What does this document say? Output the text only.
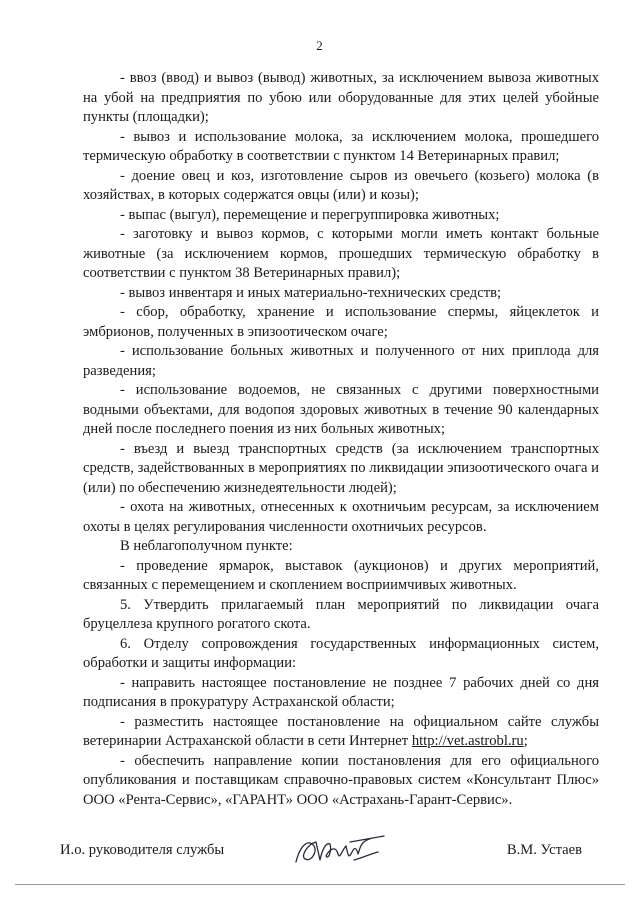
2

- ввоз (ввод) и вывоз (вывод) животных, за исключением вывоза животных на убой на предприятия по убою или оборудованные для этих целей убойные пункты (площадки);

- вывоз и использование молока, за исключением молока, прошедшего термическую обработку в соответствии с пунктом 14 Ветеринарных правил;

- доение овец и коз, изготовление сыров из овечьего (козьего) молока (в хозяйствах, в которых содержатся овцы (или) и козы);

- выпас (выгул), перемещение и перегруппировка животных;

- заготовку и вывоз кормов, с которыми могли иметь контакт больные животные (за исключением кормов, прошедших термическую обработку в соответствии с пунктом 38 Ветеринарных правил);

- вывоз инвентаря и иных материально-технических средств;

- сбор, обработку, хранение и использование спермы, яйцеклеток и эмбрионов, полученных в эпизоотическом очаге;

- использование больных животных и полученного от них приплода для разведения;

- использование водоемов, не связанных с другими поверхностными водными объектами, для водопоя здоровых животных в течение 90 календарных дней после последнего поения из них больных животных;

- въезд и выезд транспортных средств (за исключением транспортных средств, задействованных в мероприятиях по ликвидации эпизоотического очага и (или) по обеспечению жизнедеятельности людей);

- охота на животных, отнесенных к охотничьим ресурсам, за исключением охоты в целях регулирования численности охотничьих ресурсов.

В неблагополучном пункте:

- проведение ярмарок, выставок (аукционов) и других мероприятий, связанных с перемещением и скоплением восприимчивых животных.

5. Утвердить прилагаемый план мероприятий по ликвидации очага бруцеллеза крупного рогатого скота.

6. Отделу сопровождения государственных информационных систем, обработки и защиты информации:

- направить настоящее постановление не позднее 7 рабочих дней со дня подписания в прокуратуру Астраханской области;

- разместить настоящее постановление на официальном сайте службы ветеринарии Астраханской области в сети Интернет http://vet.astrobl.ru;

- обеспечить направление копии постановления для его официального опубликования и поставщикам справочно-правовых систем «Консультант Плюс» ООО «Рента-Сервис», «ГАРАНТ» ООО «Астрахань-Гарант-Сервис».

И.о. руководителя службы	В.М. Устаев
